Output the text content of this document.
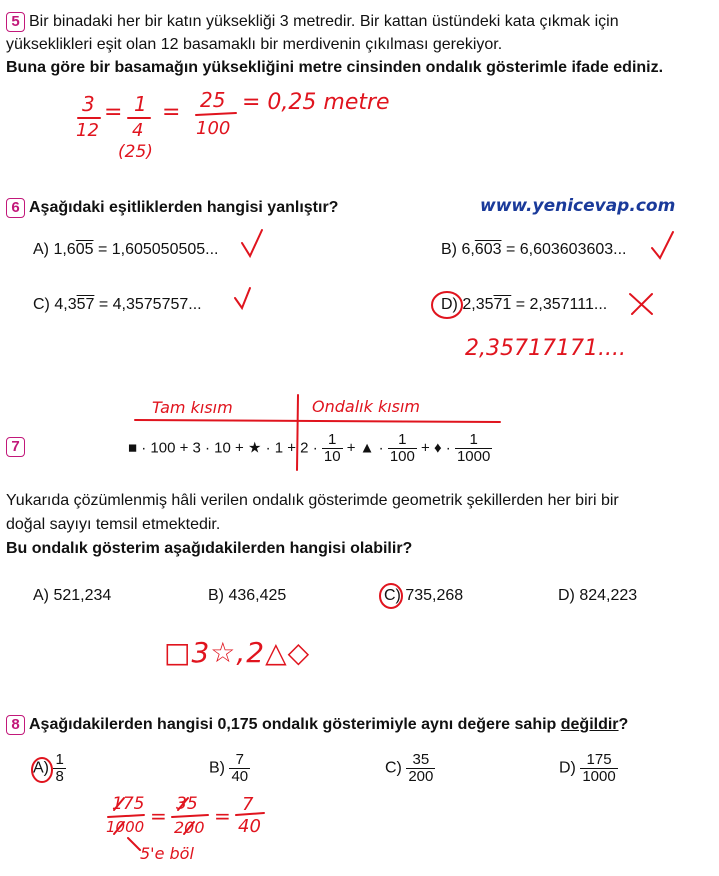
5 Bir binadaki her bir katın yüksekliği 3 metredir. Bir kattan üstündeki kata çıkmak için
yükseklikleri eşit olan 12 basamaklı bir merdivenin çıkılması gerekiyor.
Buna göre bir basamağın yüksekliğini metre cinsinden ondalık gösterimle ifade ediniz.
3
12
= 1
4
(25)
= 25
100
= 0,25 metre
6 Aşağıdaki eşitliklerden hangisi yanlıştır?	www.yenicevap.com
A) 1,605 = 1,605050505...	B) 6,603 = 6,603603603...
C) 4,357 = 4,3575757...	D) 2,3571 = 2,357111...
2,35717171....
Tam kısım	Ondalık kısım
7	■ · 100 + 3 · 10 + ★ · $1 + 2 \cdot \frac{1}{10}$ + ▲ · $\frac{1}{100}$ + ♦ · $\frac{1}{1000}$
Yukarıda çözümlenmiş hâli verilen ondalık gösterimde geometrik şekillerden her biri bir
doğal sayıyı temsil etmektedir.
Bu ondalık gösterim aşağıdakilerden hangisi olabilir?
A) 521,234	B) 436,425	C) 735,268	D) 824,223
□3☆,2△◇
8 Aşağıdakilerden hangisi 0,175 ondalık gösterimiyle aynı değere sahip değildir?
$A) \frac{1}{8}$	$B) \frac{7}{40}$	$C) \frac{35}{200}$	$D) \frac{175}{1000}$
175
1000 = 35
200 = 7
40
5'e böl	3/12 = 1/4 = 25/100 = 0,25 metre
175/1000 = 35/200 = 7/40
✓ ✕
